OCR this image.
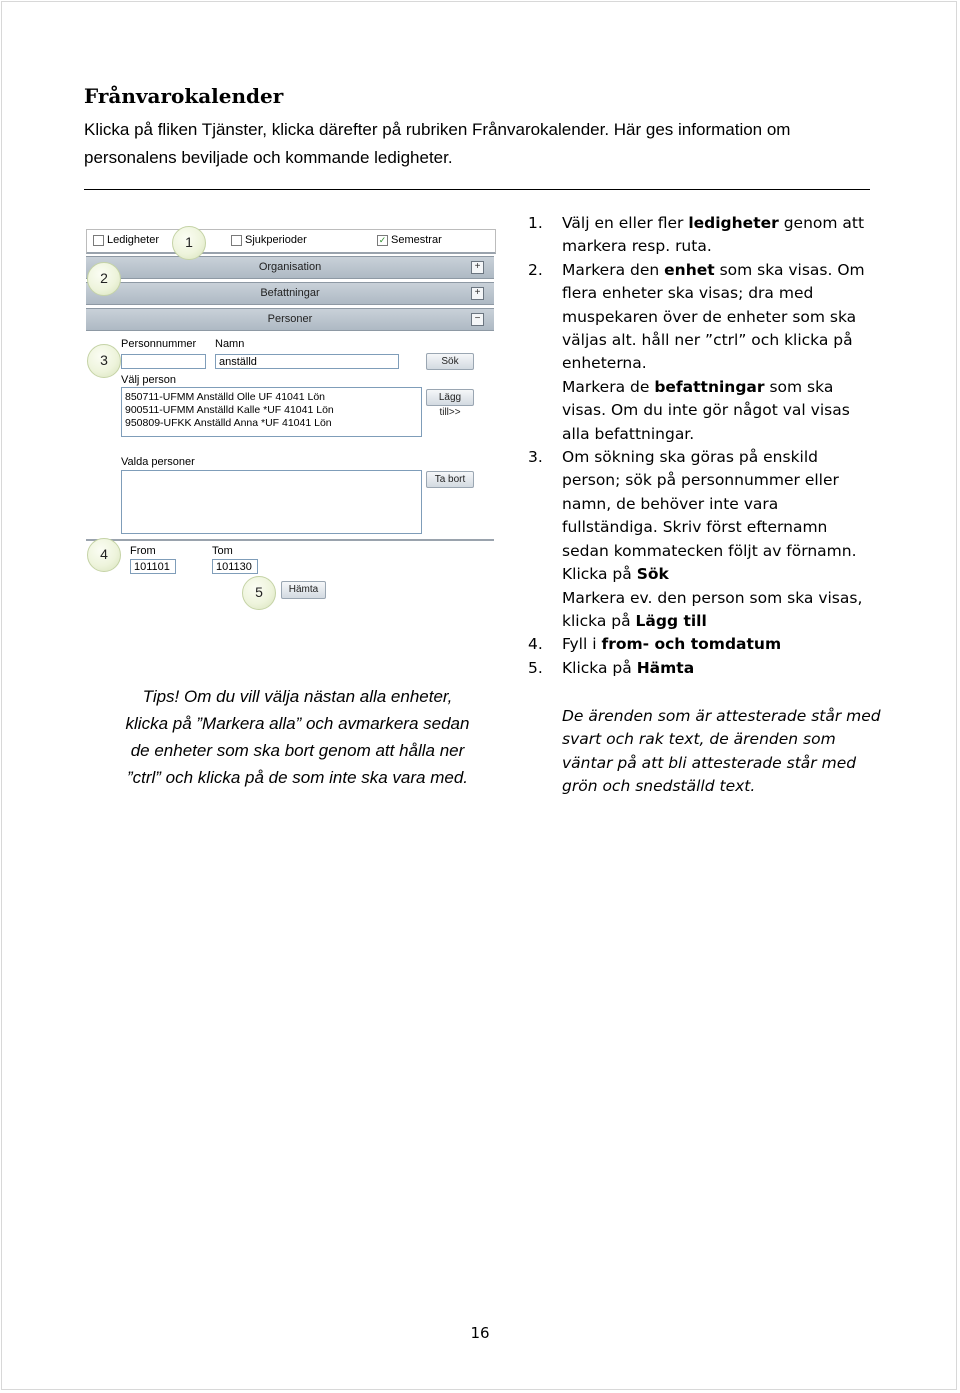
Frånvarokalender

Klicka på fliken Tjänster, klicka därefter på rubriken Frånvarokalender. Här ges information om personalens beviljade och kommande ledigheter.

Ledigheter	Sjukperioder	✓ Semestrar
Organisation	+
Befattningar	+
Personer	−
Personnummer Namn
anställd	Sök
Välj person
850711-UFMM Anställd Olle UF 41041 Lön
900511-UFMM Anställd Kalle *UF 41041 Lön
950809-UFKK Anställd Anna *UF 41041 Lön
Lägg till>>
Valda personer
Ta bort
From	Tom
101101	101130
Hämta
1
2
3
4
5

Tips! Om du vill välja nästan alla enheter, klicka på ”Markera alla” och avmarkera sedan de enheter som ska bort genom att hålla ner ”ctrl” och klicka på de som inte ska vara med.

1. Välj en eller fler ledigheter genom att markera resp. ruta.

2. Markera den enhet som ska visas. Om flera enheter ska visas; dra med muspekaren över de enheter som ska väljas alt. håll ner ”ctrl” och klicka på enheterna.

Markera de befattningar som ska visas. Om du inte gör något val visas alla befattningar.

3. Om sökning ska göras på enskild person; sök på personnummer eller namn, de behöver inte vara fullständiga. Skriv först efternamn sedan kommatecken följt av förnamn.

Klicka på Sök

Markera ev. den person som ska visas, klicka på Lägg till

4. Fyll i from- och tomdatum

5. Klicka på Hämta

De ärenden som är attesterade står med svart och rak text, de ärenden som väntar på att bli attesterade står med grön och snedställd text.

16
